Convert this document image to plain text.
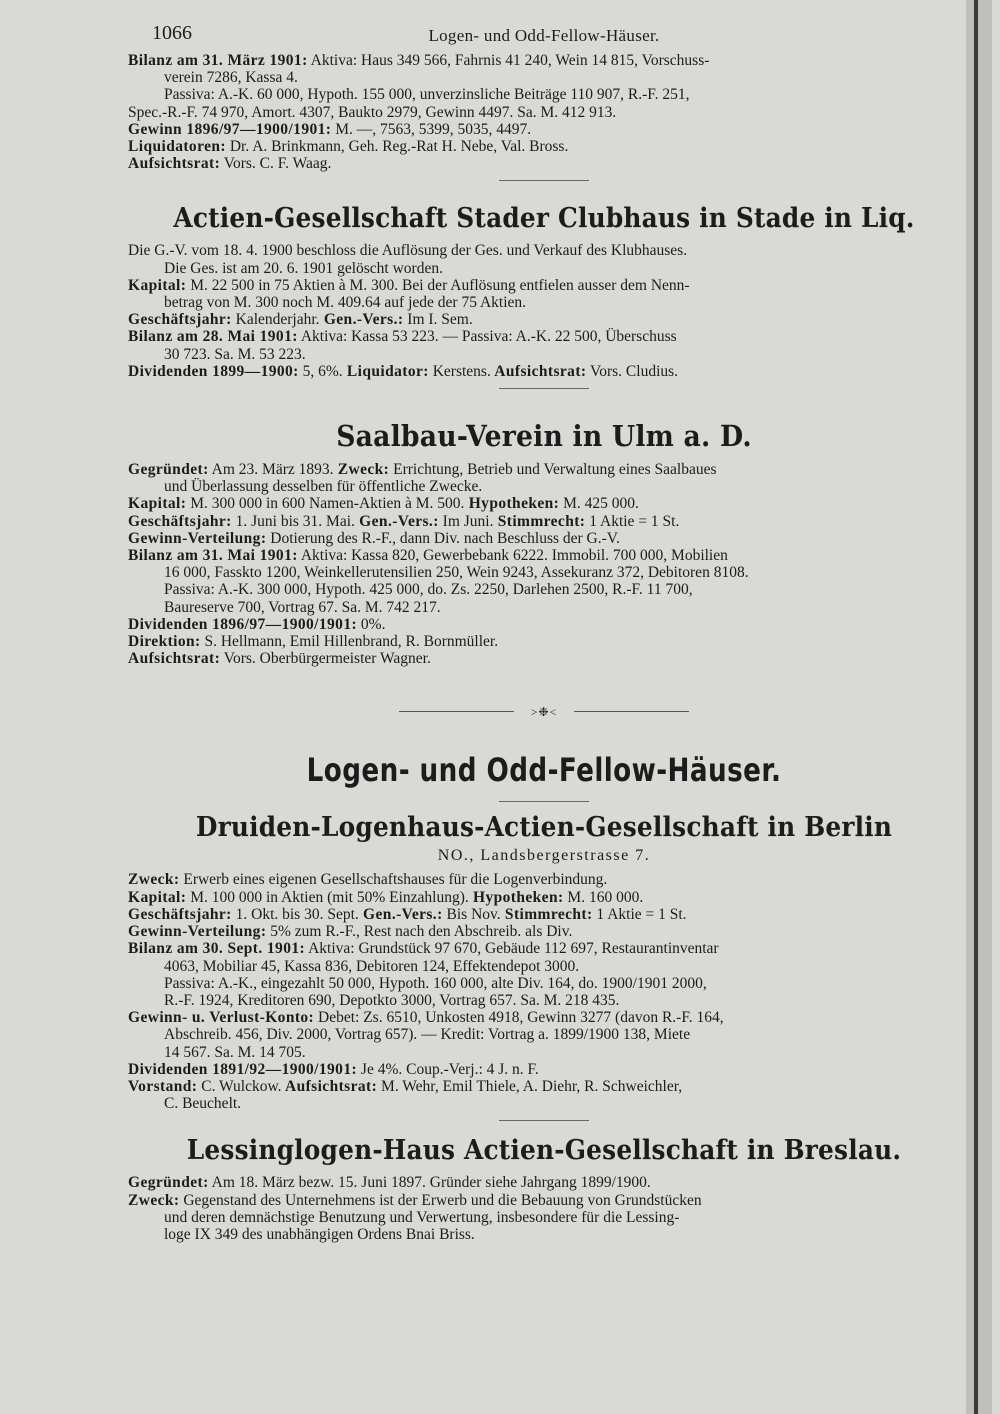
1066	Logen- und Odd-Fellow-Häuser.

Bilanz am 31. März 1901: Aktiva: Haus 349 566, Fahrnis 41 240, Wein 14 815, Vorschuss-

verein 7286, Kassa 4.

Passiva: A.-K. 60 000, Hypoth. 155 000, unverzinsliche Beiträge 110 907, R.-F. 251,

Spec.-R.-F. 74 970, Amort. 4307, Baukto 2979, Gewinn 4497. Sa. M. 412 913.

Gewinn 1896/97—1900/1901: M. —, 7563, 5399, 5035, 4497.

Liquidatoren: Dr. A. Brinkmann, Geh. Reg.-Rat H. Nebe, Val. Bross.

Aufsichtsrat: Vors. C. F. Waag.

Actien-Gesellschaft Stader Clubhaus in Stade in Liq.

Die G.-V. vom 18. 4. 1900 beschloss die Auflösung der Ges. und Verkauf des Klubhauses.

Die Ges. ist am 20. 6. 1901 gelöscht worden.

Kapital: M. 22 500 in 75 Aktien à M. 300. Bei der Auflösung entfielen ausser dem Nenn-

betrag von M. 300 noch M. 409.64 auf jede der 75 Aktien.

Geschäftsjahr: Kalenderjahr. Gen.-Vers.: Im I. Sem.

Bilanz am 28. Mai 1901: Aktiva: Kassa 53 223. — Passiva: A.-K. 22 500, Überschuss

30 723. Sa. M. 53 223.

Dividenden 1899—1900: 5, 6%. Liquidator: Kerstens. Aufsichtsrat: Vors. Cludius.

Saalbau-Verein in Ulm a. D.

Gegründet: Am 23. März 1893. Zweck: Errichtung, Betrieb und Verwaltung eines Saalbaues

und Überlassung desselben für öffentliche Zwecke.

Kapital: M. 300 000 in 600 Namen-Aktien à M. 500. Hypotheken: M. 425 000.

Geschäftsjahr: 1. Juni bis 31. Mai. Gen.-Vers.: Im Juni. Stimmrecht: 1 Aktie = 1 St.

Gewinn-Verteilung: Dotierung des R.-F., dann Div. nach Beschluss der G.-V.

Bilanz am 31. Mai 1901: Aktiva: Kassa 820, Gewerbebank 6222. Immobil. 700 000, Mobilien

16 000, Fasskto 1200, Weinkellerutensilien 250, Wein 9243, Assekuranz 372, Debitoren 8108.

Passiva: A.-K. 300 000, Hypoth. 425 000, do. Zs. 2250, Darlehen 2500, R.-F. 11 700,

Baureserve 700, Vortrag 67. Sa. M. 742 217.

Dividenden 1896/97—1900/1901: 0%.

Direktion: S. Hellmann, Emil Hillenbrand, R. Bornmüller.

Aufsichtsrat: Vors. Oberbürgermeister Wagner.

>❉<
Logen- und Odd-Fellow-Häuser.
Druiden-Logenhaus-Actien-Gesellschaft in Berlin
NO., Landsbergerstrasse 7.

Zweck: Erwerb eines eigenen Gesellschaftshauses für die Logenverbindung.

Kapital: M. 100 000 in Aktien (mit 50% Einzahlung). Hypotheken: M. 160 000.

Geschäftsjahr: 1. Okt. bis 30. Sept. Gen.-Vers.: Bis Nov. Stimmrecht: 1 Aktie = 1 St.

Gewinn-Verteilung: 5% zum R.-F., Rest nach den Abschreib. als Div.

Bilanz am 30. Sept. 1901: Aktiva: Grundstück 97 670, Gebäude 112 697, Restaurantinventar

4063, Mobiliar 45, Kassa 836, Debitoren 124, Effektendepot 3000.

Passiva: A.-K., eingezahlt 50 000, Hypoth. 160 000, alte Div. 164, do. 1900/1901 2000,

R.-F. 1924, Kreditoren 690, Depotkto 3000, Vortrag 657. Sa. M. 218 435.

Gewinn- u. Verlust-Konto: Debet: Zs. 6510, Unkosten 4918, Gewinn 3277 (davon R.-F. 164,

Abschreib. 456, Div. 2000, Vortrag 657). — Kredit: Vortrag a. 1899/1900 138, Miete

14 567. Sa. M. 14 705.

Dividenden 1891/92—1900/1901: Je 4%. Coup.-Verj.: 4 J. n. F.

Vorstand: C. Wulckow. Aufsichtsrat: M. Wehr, Emil Thiele, A. Diehr, R. Schweichler,

C. Beuchelt.

Lessinglogen-Haus Actien-Gesellschaft in Breslau.

Gegründet: Am 18. März bezw. 15. Juni 1897. Gründer siehe Jahrgang 1899/1900.

Zweck: Gegenstand des Unternehmens ist der Erwerb und die Bebauung von Grundstücken

und deren demnächstige Benutzung und Verwertung, insbesondere für die Lessing-

loge IX 349 des unabhängigen Ordens Bnai Briss.
